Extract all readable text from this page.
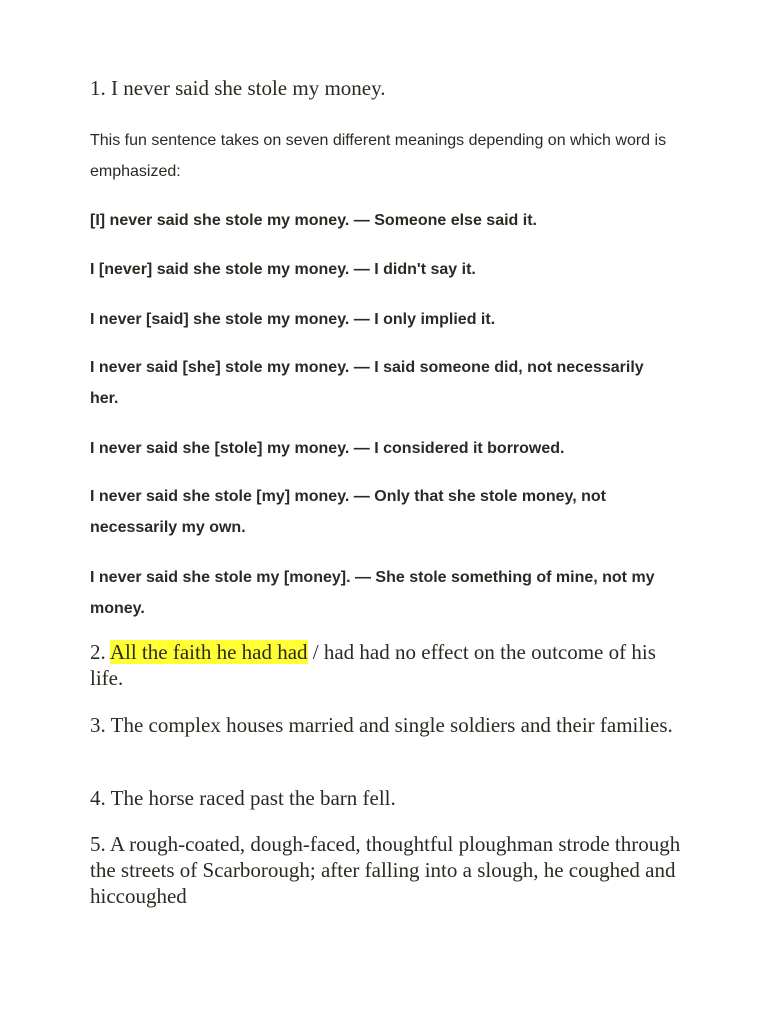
1. I never said she stole my money.
This fun sentence takes on seven different meanings depending on which word is emphasized:
[I] never said she stole my money. — Someone else said it.
I [never] said she stole my money. — I didn't say it.
I never [said] she stole my money. — I only implied it.
I never said [she] stole my money. — I said someone did, not necessarily her.
I never said she [stole] my money. — I considered it borrowed.
I never said she stole [my] money. — Only that she stole money, not necessarily my own.
I never said she stole my [money]. — She stole something of mine, not my money.
2. All the faith he had had / had had no effect on the outcome of his life.
3. The complex houses married and single soldiers and their families.
4. The horse raced past the barn fell.
5. A rough-coated, dough-faced, thoughtful ploughman strode through the streets of Scarborough; after falling into a slough, he coughed and hiccoughed
